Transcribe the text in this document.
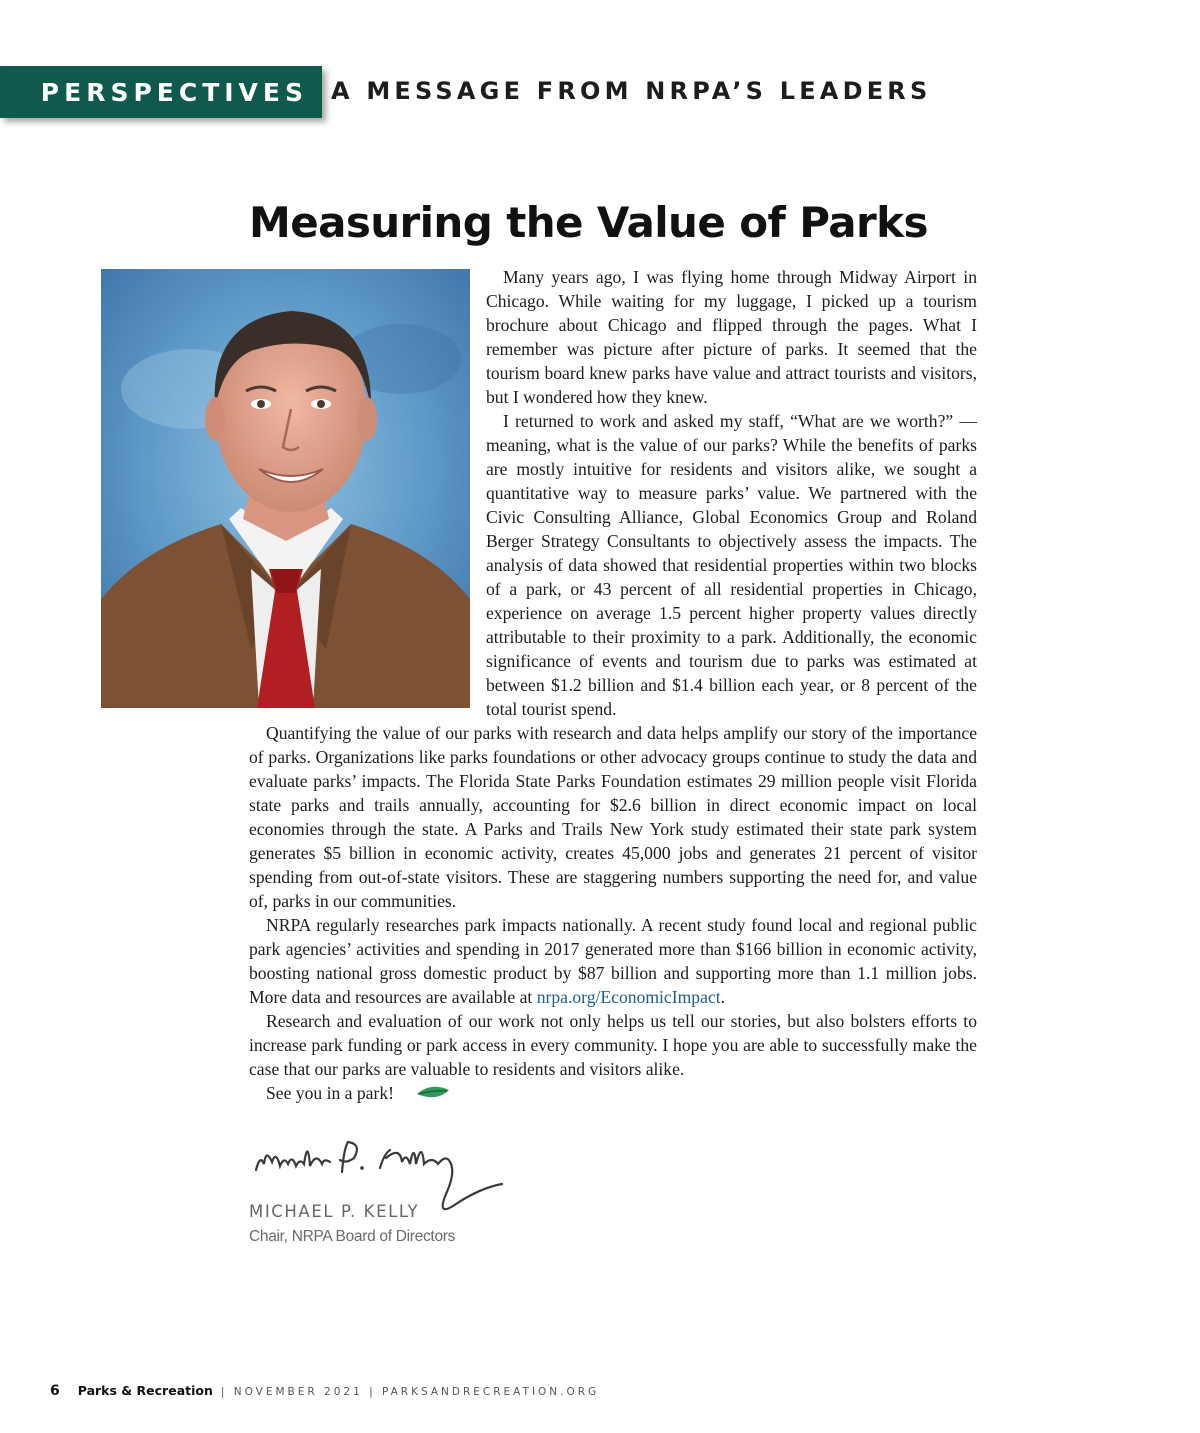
PERSPECTIVES A MESSAGE FROM NRPA’S LEADERS
Measuring the Value of Parks

Many years ago, I was flying home through Midway Airport in Chicago. While waiting for my luggage, I picked up a tourism brochure about Chicago and flipped through the pages. What I remember was picture after picture of parks. It seemed that the tourism board knew parks have value and attract tourists and visitors, but I wondered how they knew.

I returned to work and asked my staff, “What are we worth?” — meaning, what is the value of our parks? While the benefits of parks are mostly intuitive for residents and visitors alike, we sought a quantitative way to measure parks’ value. We partnered with the Civic Consulting Alliance, Global Economics Group and Roland Berger Strategy Consultants to objectively assess the impacts. The analysis of data showed that residential properties within two blocks of a park, or 43 percent of all residential properties in Chicago, experience on average 1.5 percent higher property values directly attributable to their proximity to a park. Additionally, the economic significance of events and tourism due to parks was estimated at between $1.2 billion and $1.4 billion each year, or 8 percent of the total tourist spend.

Quantifying the value of our parks with research and data helps amplify our story of the importance of parks. Organizations like parks foundations or other advocacy groups continue to study the data and evaluate parks’ impacts. The Florida State Parks Foundation estimates 29 million people visit Florida state parks and trails annually, accounting for $2.6 billion in direct economic impact on local economies through the state. A Parks and Trails New York study estimated their state park system generates $5 billion in economic activity, creates 45,000 jobs and generates 21 percent of visitor spending from out-of-state visitors. These are staggering numbers supporting the need for, and value of, parks in our communities.

NRPA regularly researches park impacts nationally. A recent study found local and regional public park agencies’ activities and spending in 2017 generated more than $166 billion in economic activity, boosting national gross domestic product by $87 billion and supporting more than 1.1 million jobs. More data and resources are available at nrpa.org/EconomicImpact.

Research and evaluation of our work not only helps us tell our stories, but also bolsters efforts to increase park funding or park access in every community. I hope you are able to successfully make the case that our parks are valuable to residents and visitors alike.

See you in a park!

MICHAEL P. KELLY
Chair, NRPA Board of Directors
6 Parks & Recreation | NOVEMBER 2021 | PARKSANDRECREATION.ORG
